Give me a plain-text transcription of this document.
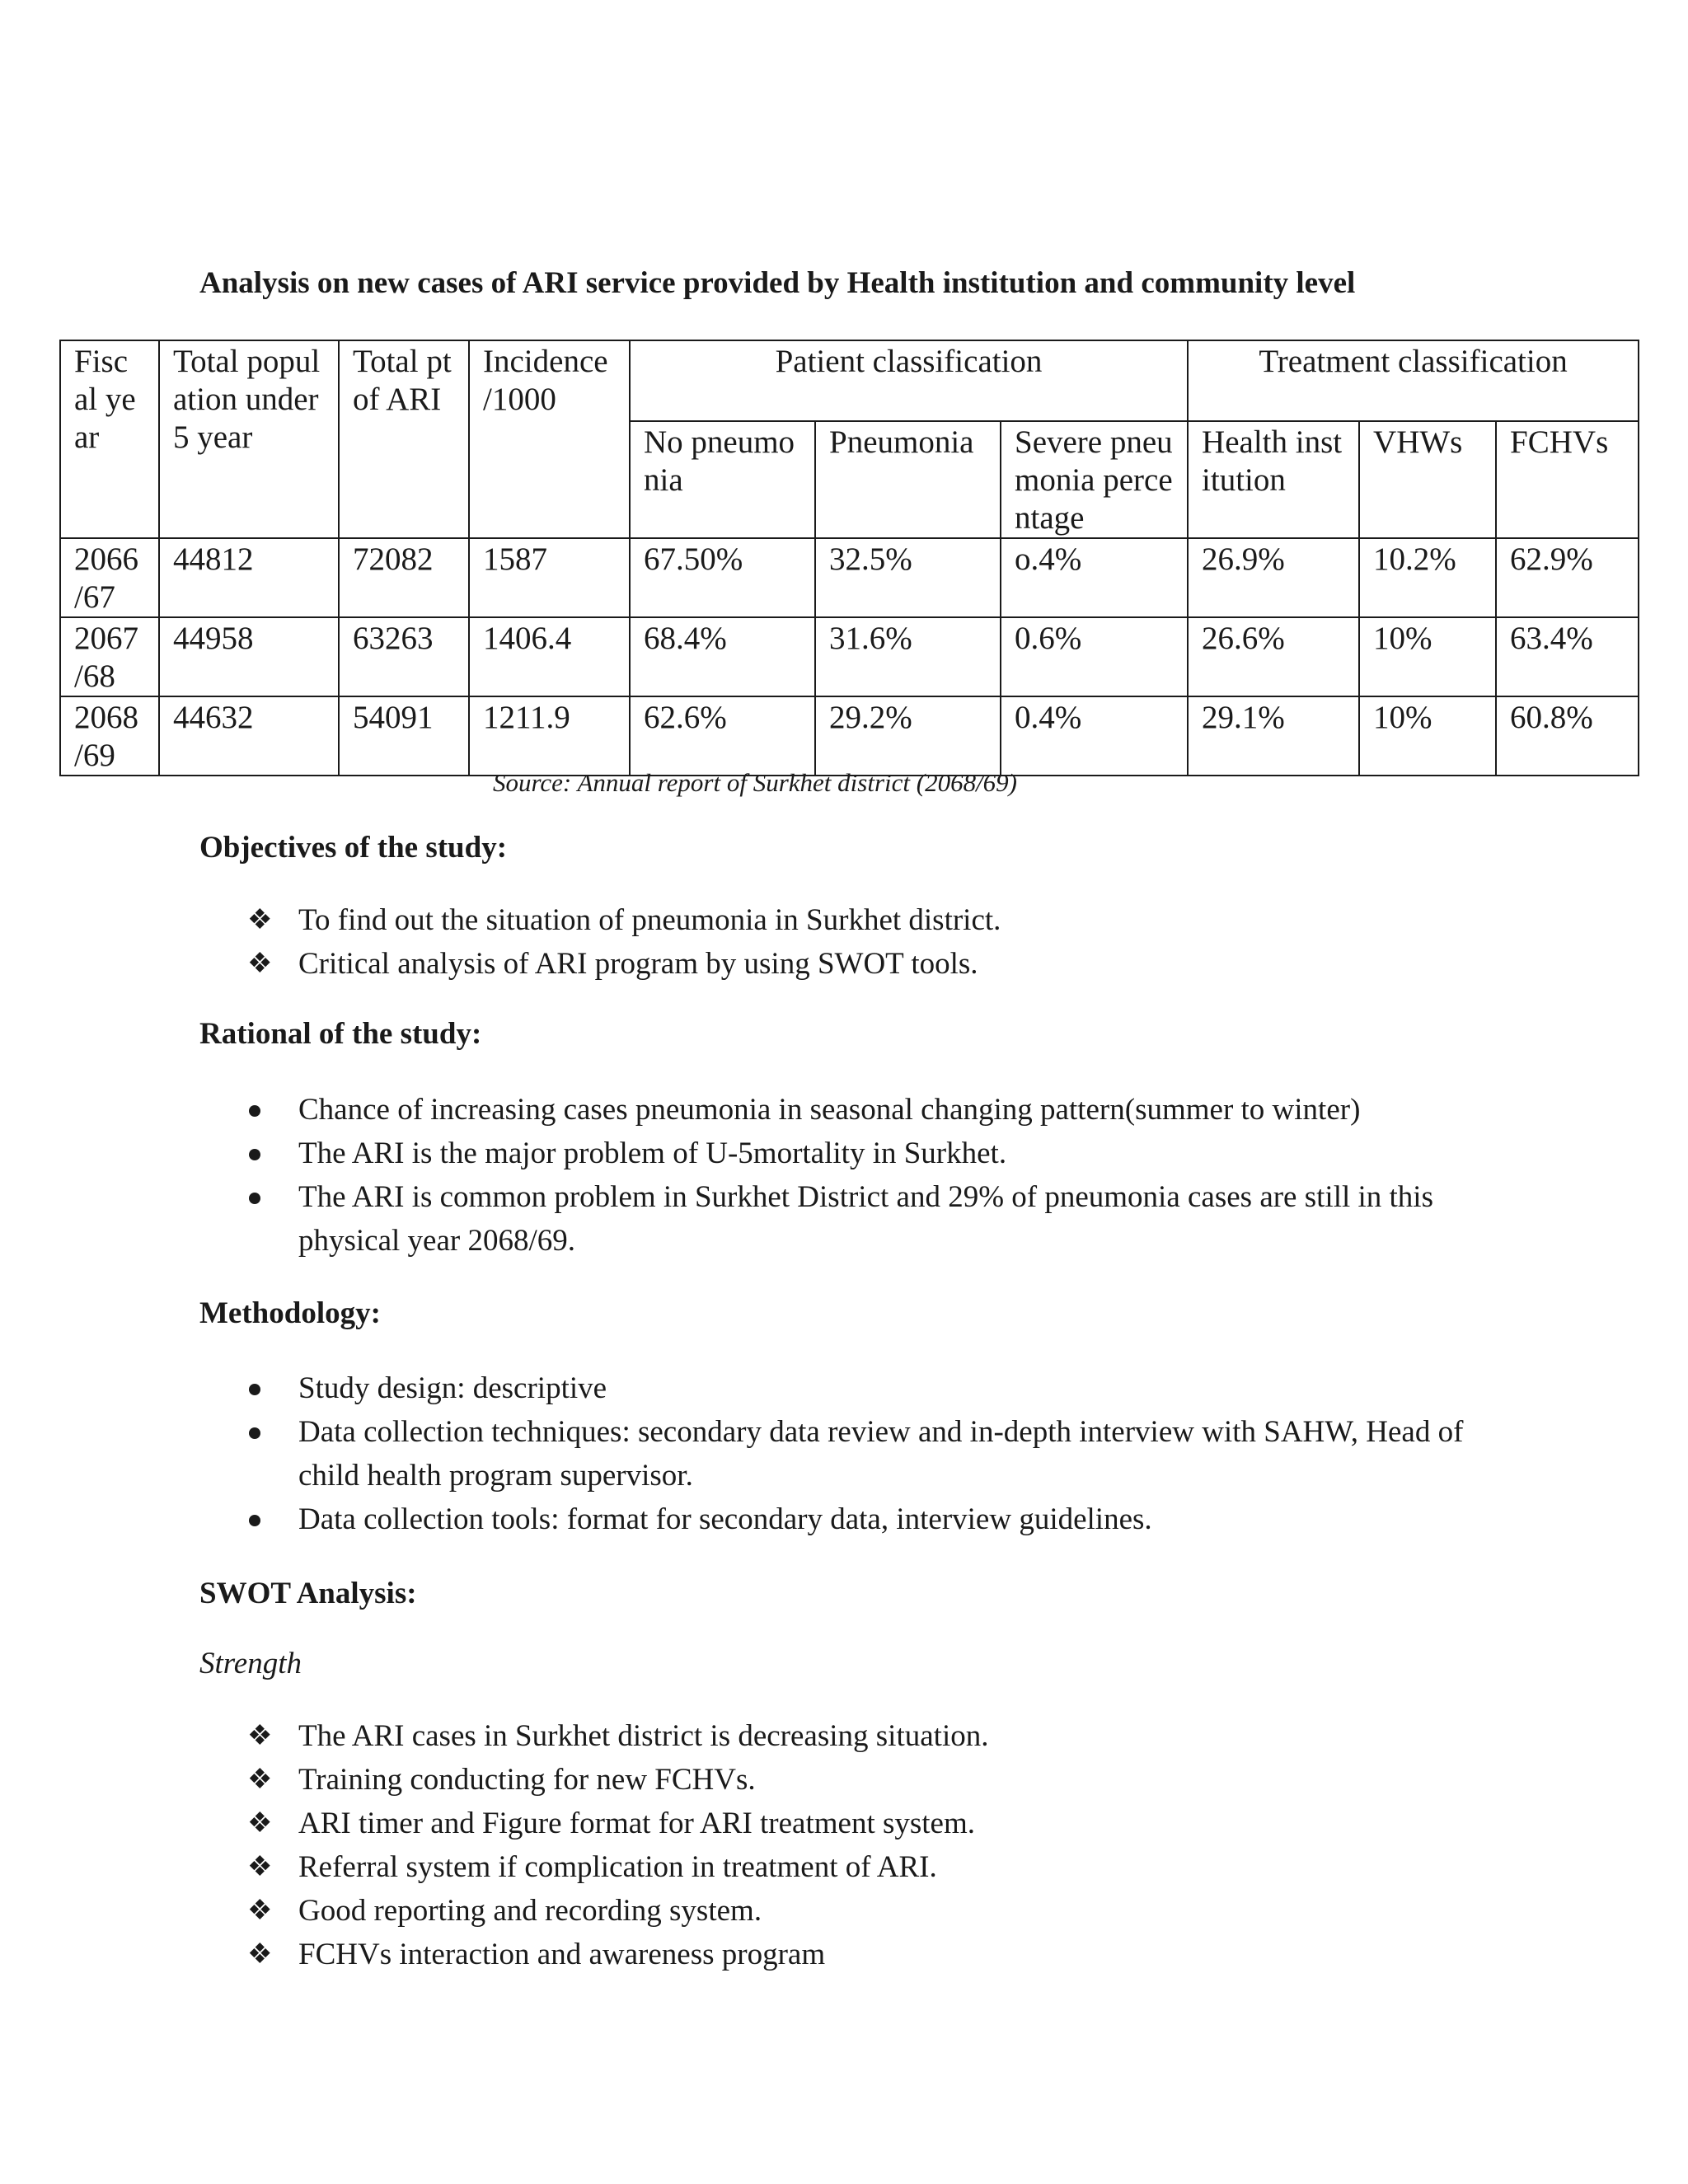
Analysis on new cases of ARI service provided by Health institution and community level
Fisc al year	Total population under5 year	Total pt of ARI	Incidence /1000	Patient classification			Treatment classification		
				No pneumonia	Pneumonia	Severe pneumonia percentage	Health institution	VHWs	FCHVs
2066 /67	44812	72082	1587	67.50%	32.5%	o.4%	26.9%	10.2%	62.9%
2067 /68	44958	63263	1406.4	68.4%	31.6%	0.6%	26.6%	10%	63.4%
2068 /69	44632	54091	1211.9	62.6%	29.2%	0.4%	29.1%	10%	60.8%
Source: Annual report of Surkhet district (2068/69)
Objectives of the study:
❖ To find out the situation of pneumonia in Surkhet district.
❖ Critical analysis of ARI program by using SWOT tools.
Rational of the study:
Chance of increasing cases pneumonia in seasonal changing pattern(summer to winter)
The ARI is the major problem of U-5mortality in Surkhet.
The ARI is common problem in Surkhet District and 29% of pneumonia cases are still in this physical year 2068/69.
Methodology:
Study design: descriptive
Data collection techniques: secondary data review and in-depth interview with SAHW, Head of child health program supervisor.
Data collection tools: format for secondary data, interview guidelines.
SWOT Analysis:
Strength
❖ The ARI cases in Surkhet district is decreasing situation.
❖ Training conducting for new FCHVs.
❖ ARI timer and Figure format for ARI treatment system.
❖ Referral system if complication in treatment of ARI.
❖ Good reporting and recording system.
❖ FCHVs interaction and awareness program
